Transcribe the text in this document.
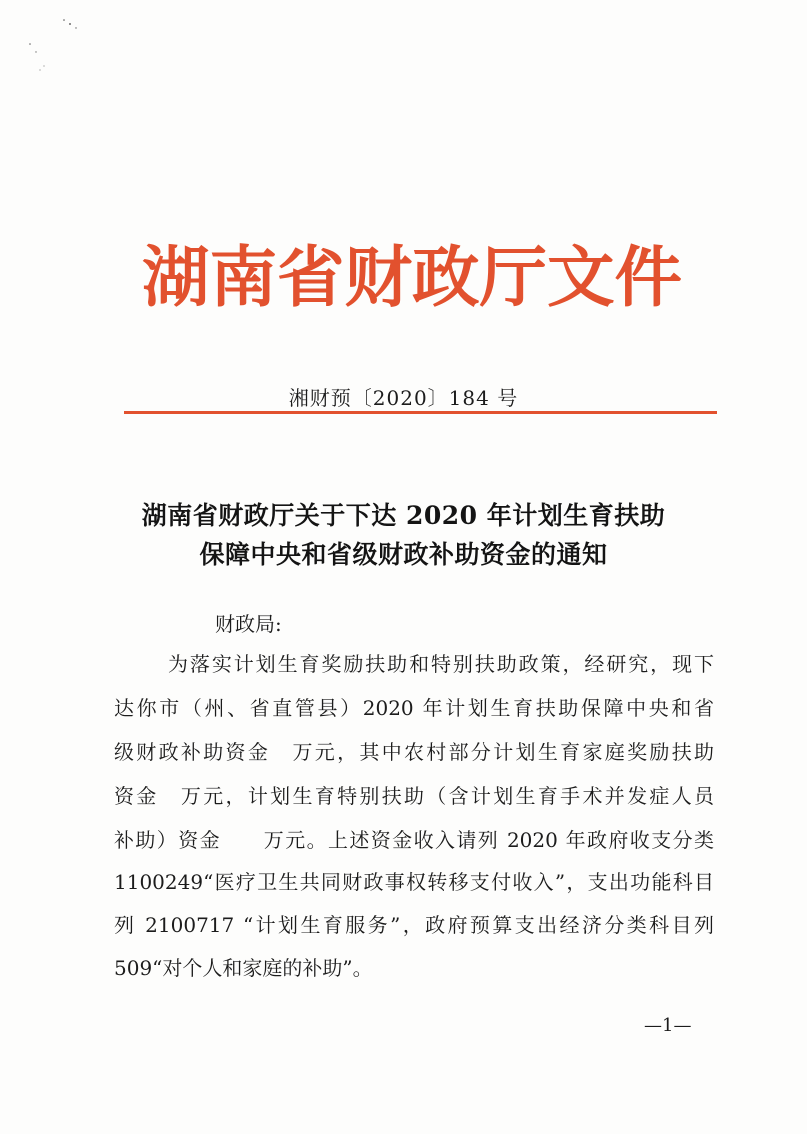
湖南省财政厅文件
湘财预〔2020〕184 号
湖南省财政厅关于下达 2020 年计划生育扶助
保障中央和省级财政补助资金的通知
财政局:
为落实计划生育奖励扶助和特别扶助政策，经研究，现下
达你市（州、省直管县）2020 年计划生育扶助保障中央和省
级财政补助资金　万元，其中农村部分计划生育家庭奖励扶助
资金　万元，计划生育特别扶助（含计划生育手术并发症人员
补助）资金　　万元。上述资金收入请列 2020 年政府收支分类
1100249“医疗卫生共同财政事权转移支付收入”，支出功能科目
列 2100717 “计划生育服务”，政府预算支出经济分类科目列
509“对个人和家庭的补助”。
—1—
